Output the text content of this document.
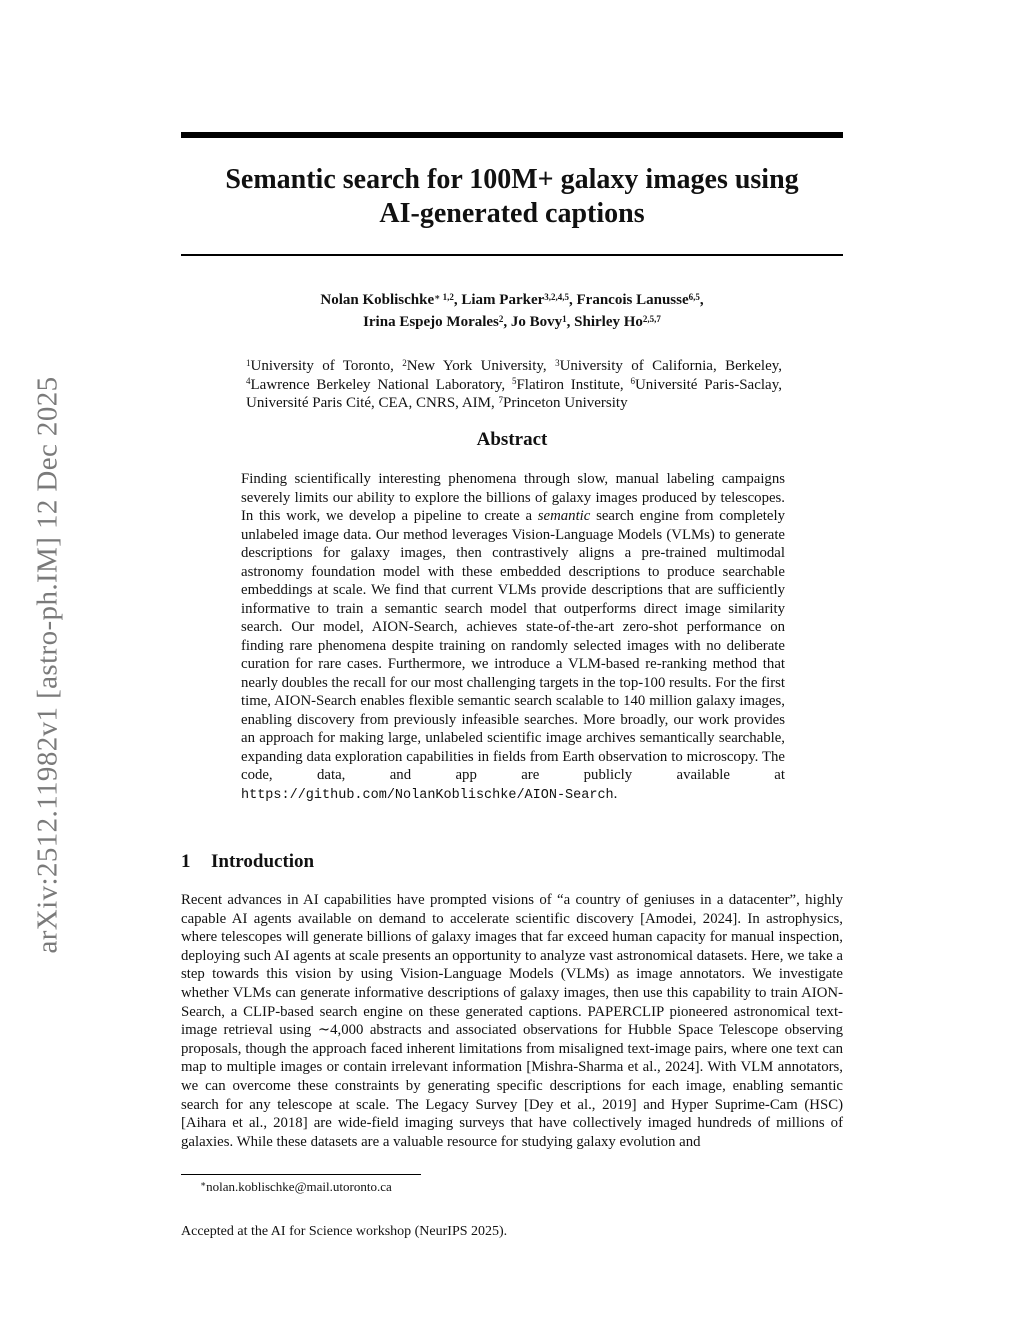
arXiv:2512.11982v1 [astro-ph.IM] 12 Dec 2025
Semantic search for 100M+ galaxy images using
AI-generated captions
Nolan Koblischke$^{∗ 1,2}$, Liam Parker$^{3,2,4,5}$, Francois Lanusse$^{6,5}$,
Irina Espejo Morales$^2$, Jo Bovy$^1$, Shirley Ho$^{2,5,7}$

$^1$University of Toronto, $^2$New York University, $^3$University of California, Berkeley, $^4$Lawrence Berkeley National Laboratory, $^5$Flatiron Institute, $^6$Université Paris-Saclay, Université Paris Cité, CEA, CNRS, AIM, $^7$Princeton University

Abstract

Finding scientifically interesting phenomena through slow, manual labeling campaigns severely limits our ability to explore the billions of galaxy images produced by telescopes. In this work, we develop a pipeline to create a semantic search engine from completely unlabeled image data. Our method leverages Vision-Language Models (VLMs) to generate descriptions for galaxy images, then contrastively aligns a pre-trained multimodal astronomy foundation model with these embedded descriptions to produce searchable embeddings at scale. We find that current VLMs provide descriptions that are sufficiently informative to train a semantic search model that outperforms direct image similarity search. Our model, AION-Search, achieves state-of-the-art zero-shot performance on finding rare phenomena despite training on randomly selected images with no deliberate curation for rare cases. Furthermore, we introduce a VLM-based re-ranking method that nearly doubles the recall for our most challenging targets in the top-100 results. For the first time, AION-Search enables flexible semantic search scalable to 140 million galaxy images, enabling discovery from previously infeasible searches. More broadly, our work provides an approach for making large, unlabeled scientific image archives semantically searchable, expanding data exploration capabilities in fields from Earth observation to microscopy. The code, data, and app are publicly available at https://github.com/NolanKoblischke/AION-Search.

1 Introduction

Recent advances in AI capabilities have prompted visions of “a country of geniuses in a datacenter”, highly capable AI agents available on demand to accelerate scientific discovery [Amodei, 2024]. In astrophysics, where telescopes will generate billions of galaxy images that far exceed human capacity for manual inspection, deploying such AI agents at scale presents an opportunity to analyze vast astronomical datasets. Here, we take a step towards this vision by using Vision-Language Models (VLMs) as image annotators. We investigate whether VLMs can generate informative descriptions of galaxy images, then use this capability to train AION-Search, a CLIP-based search engine on these generated captions. PAPERCLIP pioneered astronomical text-image retrieval using ∼4,000 abstracts and associated observations for Hubble Space Telescope observing proposals, though the approach faced inherent limitations from misaligned text-image pairs, where one text can map to multiple images or contain irrelevant information [Mishra-Sharma et al., 2024]. With VLM annotators, we can overcome these constraints by generating specific descriptions for each image, enabling semantic search for any telescope at scale. The Legacy Survey [Dey et al., 2019] and Hyper Suprime-Cam (HSC) [Aihara et al., 2018] are wide-field imaging surveys that have collectively imaged hundreds of millions of galaxies. While these datasets are a valuable resource for studying galaxy evolution and

∗nolan.koblischke@mail.utoronto.ca

Accepted at the AI for Science workshop (NeurIPS 2025).
